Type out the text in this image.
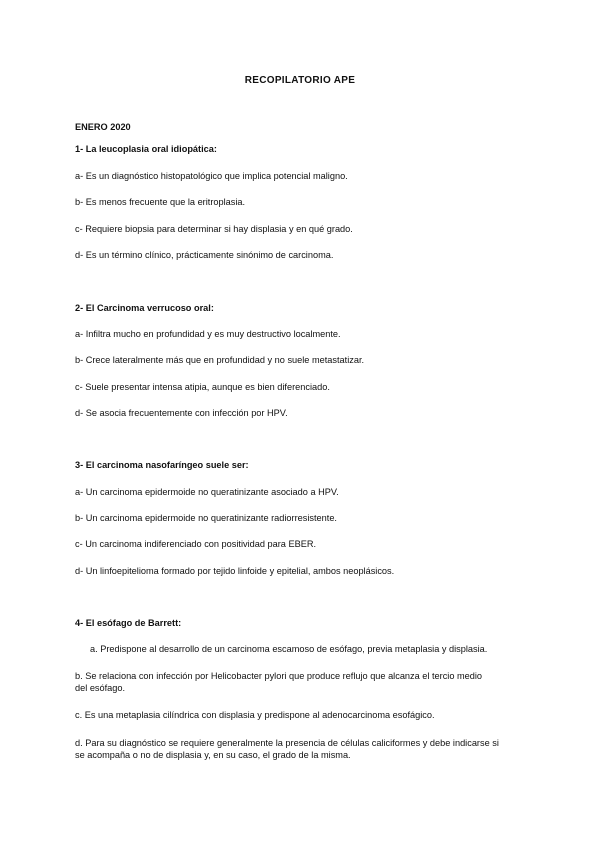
RECOPILATORIO APE
ENERO 2020
1- La leucoplasia oral idiopática:
a- Es un diagnóstico histopatológico que implica potencial maligno.
b- Es menos frecuente que la eritroplasia.
c- Requiere biopsia para determinar si hay displasia y en qué grado.
d- Es un término clínico, prácticamente sinónimo de carcinoma.
2- El Carcinoma verrucoso oral:
a- Infiltra mucho en profundidad y es muy destructivo localmente.
b- Crece lateralmente más que en profundidad y no suele metastatizar.
c- Suele presentar intensa atipia, aunque es bien diferenciado.
d- Se asocia frecuentemente con infección por HPV.
3- El carcinoma nasofaríngeo suele ser:
a- Un carcinoma epidermoide no queratinizante asociado a HPV.
b- Un carcinoma epidermoide no queratinizante radiorresistente.
c- Un carcinoma indiferenciado con positividad para EBER.
d- Un linfoepitelioma formado por tejido linfoide y epitelial, ambos neoplásicos.
4- El esófago de Barrett:
a. Predispone al desarrollo de un carcinoma escamoso de esófago, previa metaplasia y displasia.
b. Se relaciona con infección por Helicobacter pylori que produce reflujo que alcanza el tercio medio del esófago.
c. Es una metaplasia cilíndrica con displasia y predispone al adenocarcinoma esofágico.
d. Para su diagnóstico se requiere generalmente la presencia de células caliciformes y debe indicarse si se acompaña o no de displasia y, en su caso, el grado de la misma.
